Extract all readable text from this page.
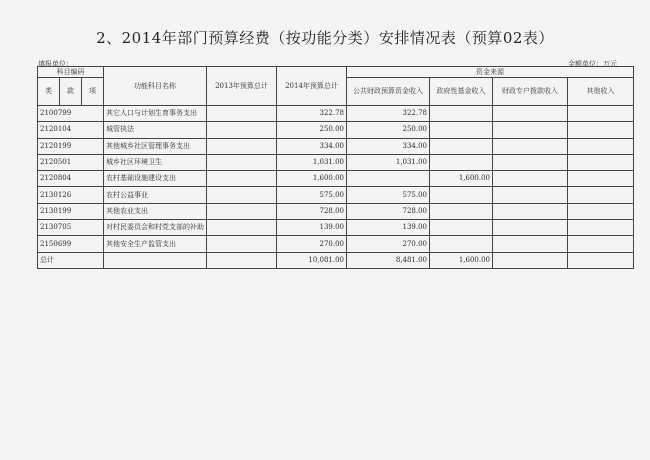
2、2014年部门预算经费（按功能分类）安排情况表（预算02表）
填报单位：	金额单位：万元
科目编码			功能科目名称	2013年预算总计	2014年预算总计	资金来源			
类	款	项				公共财政预算资金收入	政府性基金收入	财政专户拨款收入	其他收入

2100799			其它人口与计划生育事务支出		322.78	322.78			
2120104			城管执法		250.00	250.00			
2120199			其他城乡社区管理事务支出		334.00	334.00			
2120501			城乡社区环境卫生		1,031.00	1,031.00			
2120804			农村基础设施建设支出		1,600.00		1,600.00		
2130126			农村公益事业		575.00	575.00			
2130199			其他农业支出		728.00	728.00			
2130705			对村民委员会和村党支部的补助		139.00	139.00			
2150699			其他安全生产监管支出		270.00	270.00			
总计					10,081.00	8,481.00	1,600.00		
